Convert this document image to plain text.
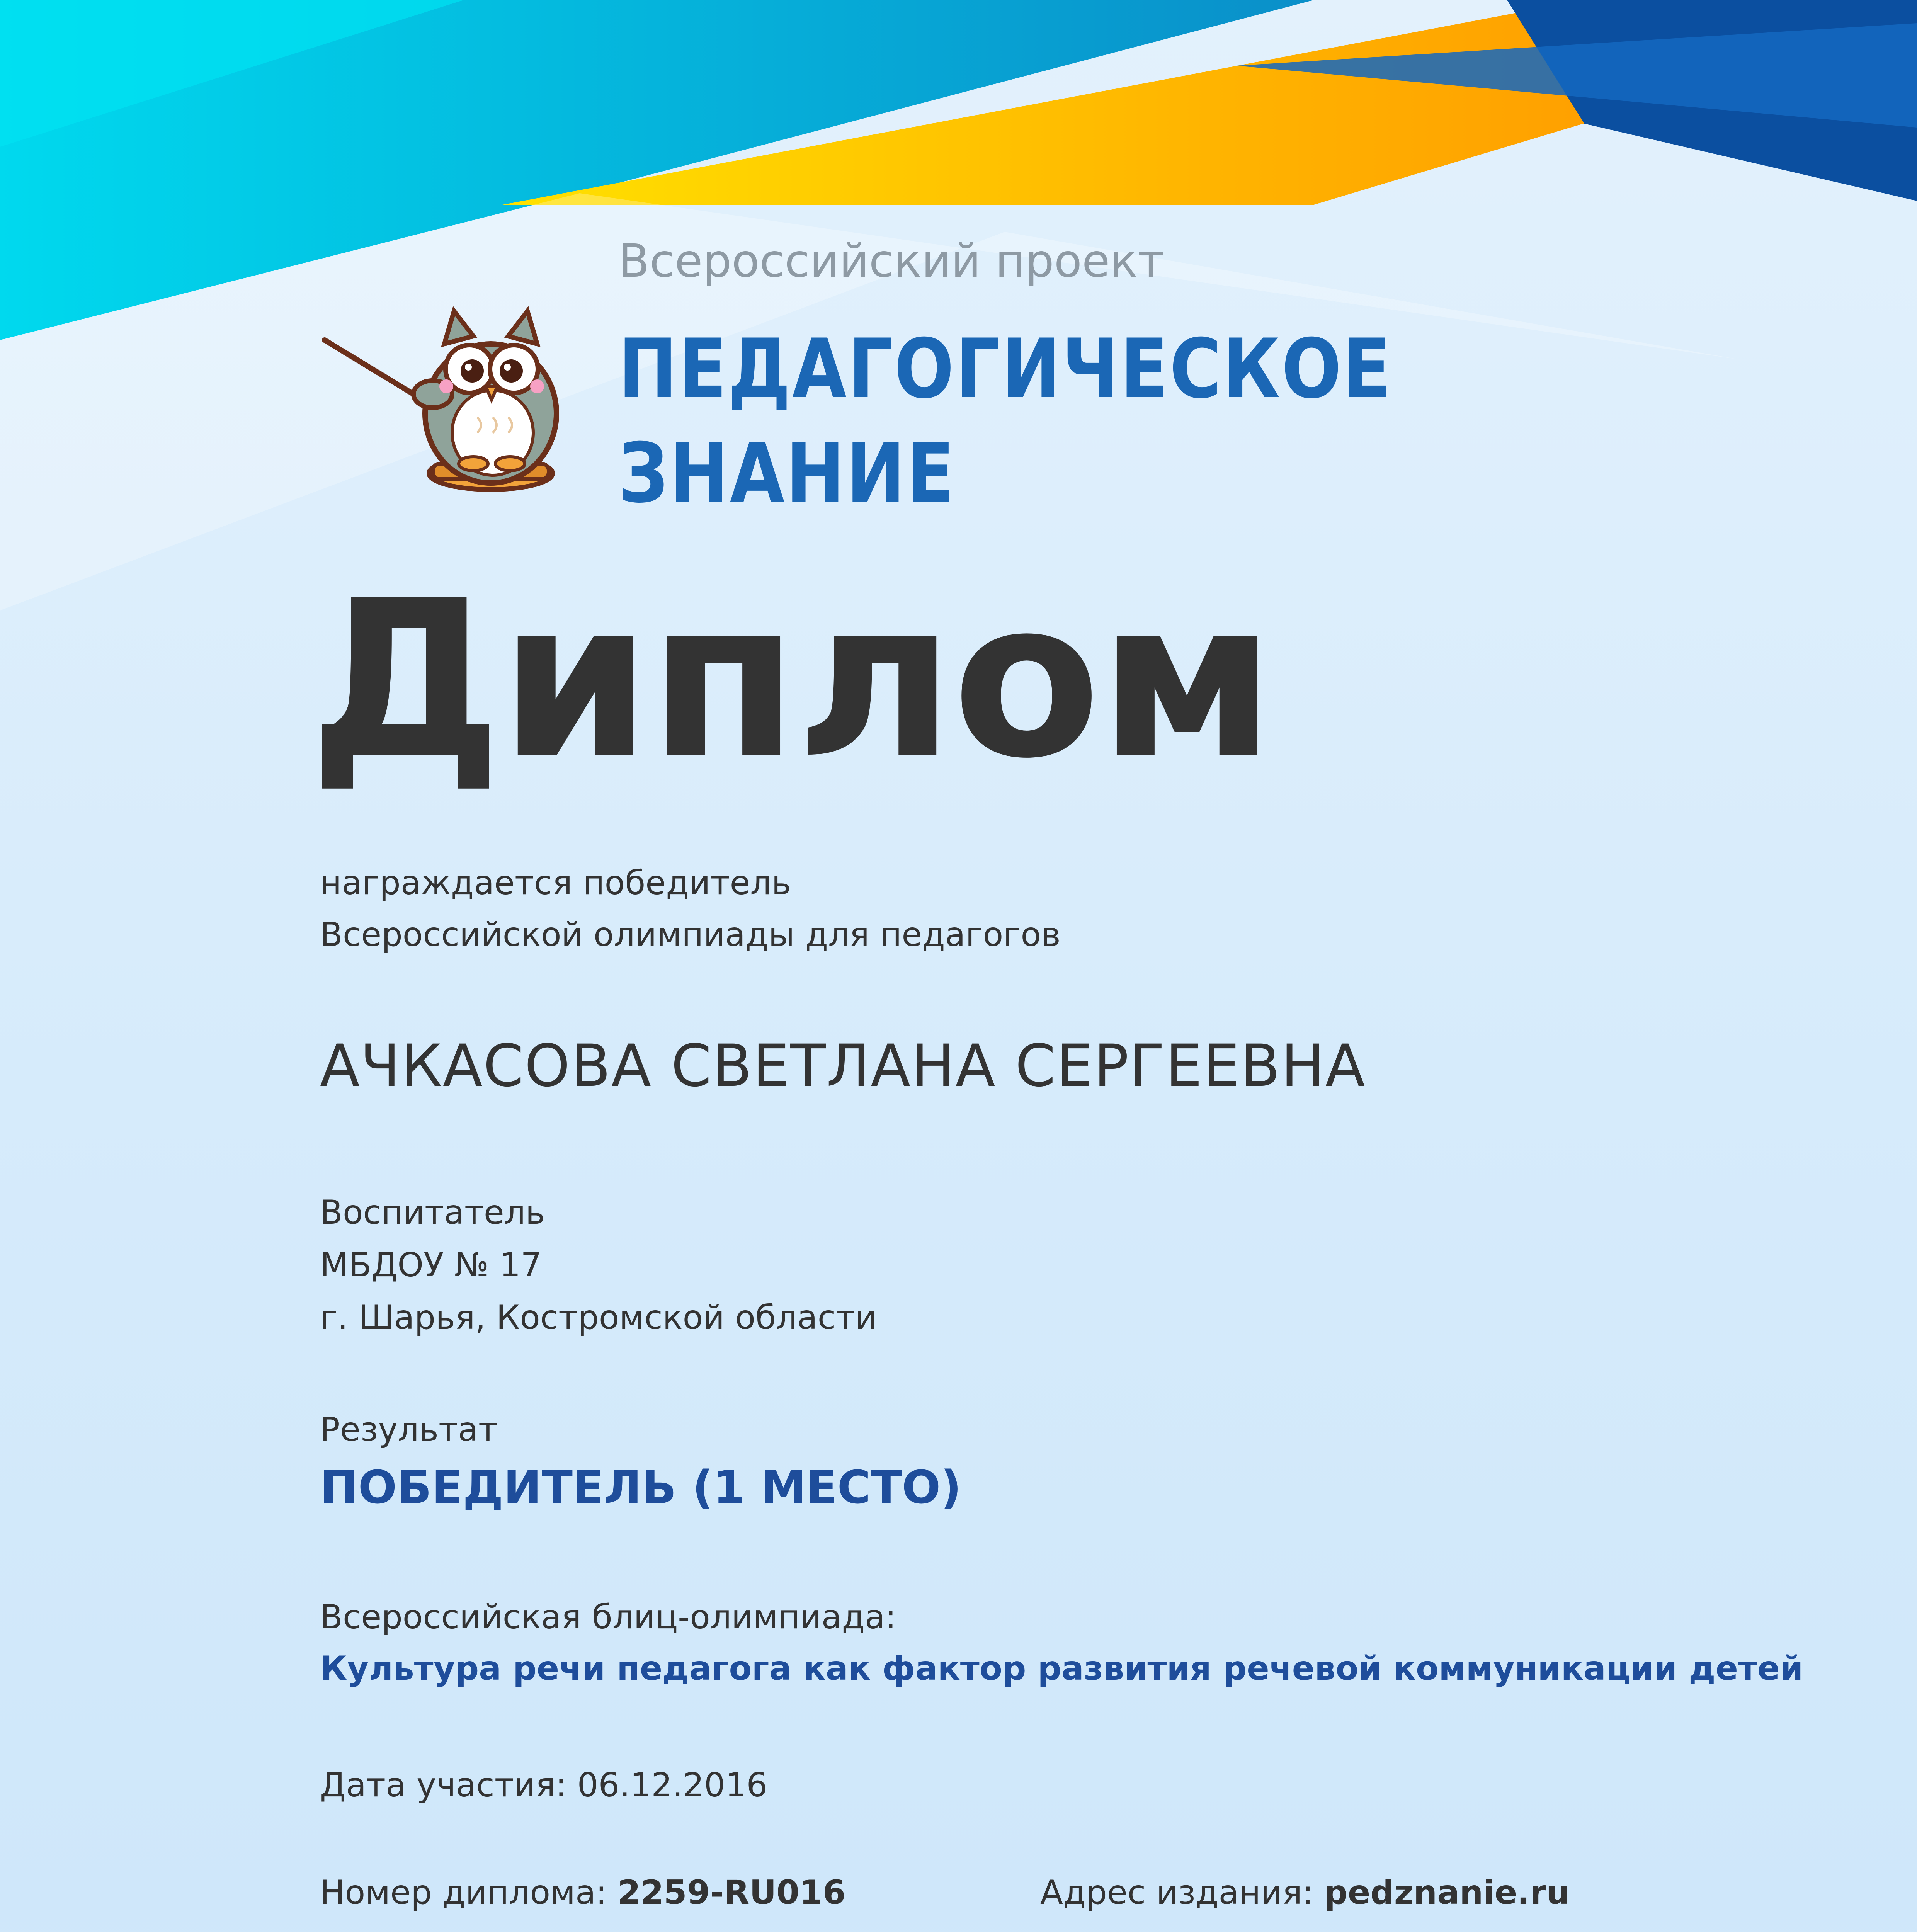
Всероссийский проект

ПЕДАГОГИЧЕСКОЕ
ЗНАНИЕ
Диплом
награждается победитель
Всероссийской олимпиады для педагогов

АЧКАСОВА СВЕТЛАНА СЕРГЕЕВНА

Воспитатель
МБДОУ № 17
г. Шарья, Костромской области

Результат

ПОБЕДИТЕЛЬ (1 МЕСТО)

Всероссийская блиц-олимпиада:

Культура речи педагога как фактор развития речевой коммуникации детей

Дата участия: 06.12.2016

Номер диплома: 2259-RU016	Адрес издания: pedznanie.ru
